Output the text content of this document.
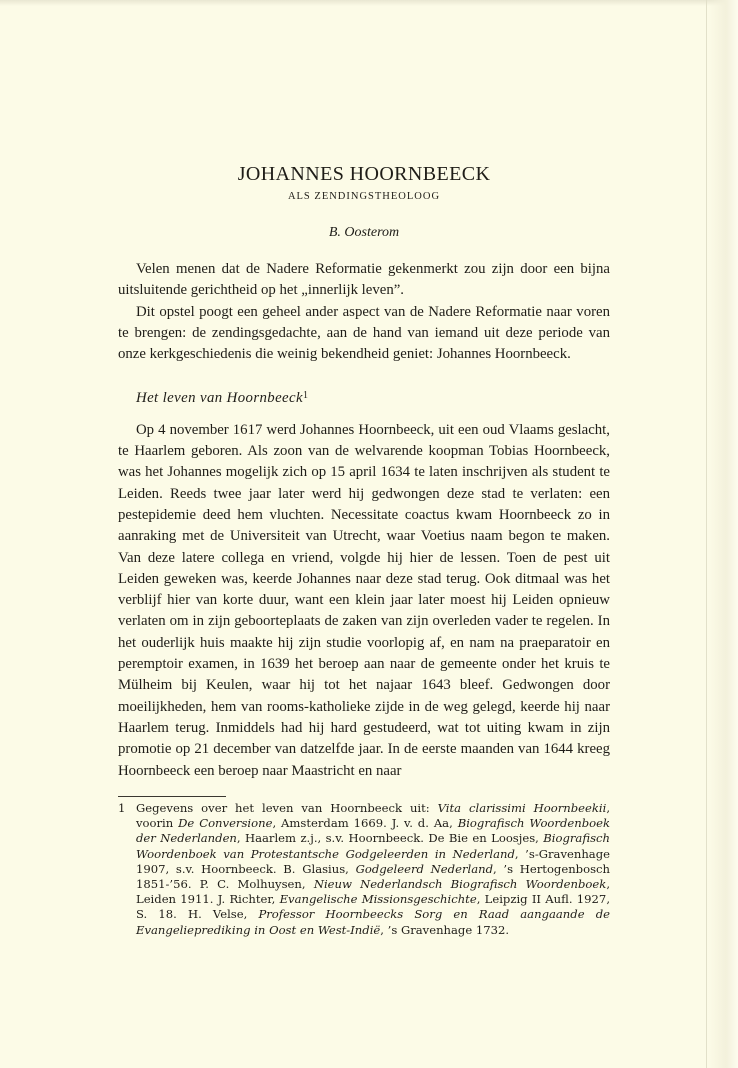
JOHANNES HOORNBEECK
ALS ZENDINGSTHEOLOOG
B. Oosterom

Velen menen dat de Nadere Reformatie gekenmerkt zou zijn door een bijna uitsluitende gerichtheid op het „innerlijk leven”.

Dit opstel poogt een geheel ander aspect van de Nadere Reformatie naar voren te brengen: de zendingsgedachte, aan de hand van iemand uit deze periode van onze kerkgeschiedenis die weinig bekendheid geniet: Johannes Hoornbeeck.

Het leven van Hoornbeeck$^1$

Op 4 november 1617 werd Johannes Hoornbeeck, uit een oud Vlaams geslacht, te Haarlem geboren. Als zoon van de welvarende koopman Tobias Hoornbeeck, was het Johannes mogelijk zich op 15 april 1634 te laten inschrijven als student te Leiden. Reeds twee jaar later werd hij gedwongen deze stad te verlaten: een pestepidemie deed hem vluchten. Necessitate coactus kwam Hoornbeeck zo in aanraking met de Universiteit van Utrecht, waar Voetius naam begon te maken. Van deze latere collega en vriend, volgde hij hier de lessen. Toen de pest uit Leiden geweken was, keerde Johannes naar deze stad terug. Ook ditmaal was het verblijf hier van korte duur, want een klein jaar later moest hij Leiden opnieuw verlaten om in zijn geboorteplaats de zaken van zijn overleden vader te regelen. In het ouderlijk huis maakte hij zijn studie voorlopig af, en nam na praeparatoir en peremptoir examen, in 1639 het beroep aan naar de gemeente onder het kruis te Mülheim bij Keulen, waar hij tot het najaar 1643 bleef. Gedwongen door moeilijkheden, hem van rooms-katholieke zijde in de weg gelegd, keerde hij naar Haarlem terug. Inmiddels had hij hard gestudeerd, wat tot uiting kwam in zijn promotie op 21 december van datzelfde jaar. In de eerste maanden van 1644 kreeg Hoornbeeck een beroep naar Maastricht en naar

1 Gegevens over het leven van Hoornbeeck uit: Vita clarissimi Hoornbeekii, voorin De Conversione, Amsterdam 1669. J. v. d. Aa, Biografisch Woordenboek der Nederlanden, Haarlem z.j., s.v. Hoornbeeck. De Bie en Loosjes, Biografisch Woordenboek van Protestantsche Godgeleerden in Nederland, ’s-Gravenhage 1907, s.v. Hoornbeeck. B. Glasius, Godgeleerd Nederland, ’s Hertogenbosch 1851-’56. P. C. Molhuysen, Nieuw Nederlandsch Biografisch Woordenboek, Leiden 1911. J. Richter, Evangelische Missionsgeschichte, Leipzig II Aufl. 1927, S. 18. H. Velse, Professor Hoornbeecks Sorg en Raad aangaande de Evangelieprediking in Oost en West-Indië, ’s Gravenhage 1732.
